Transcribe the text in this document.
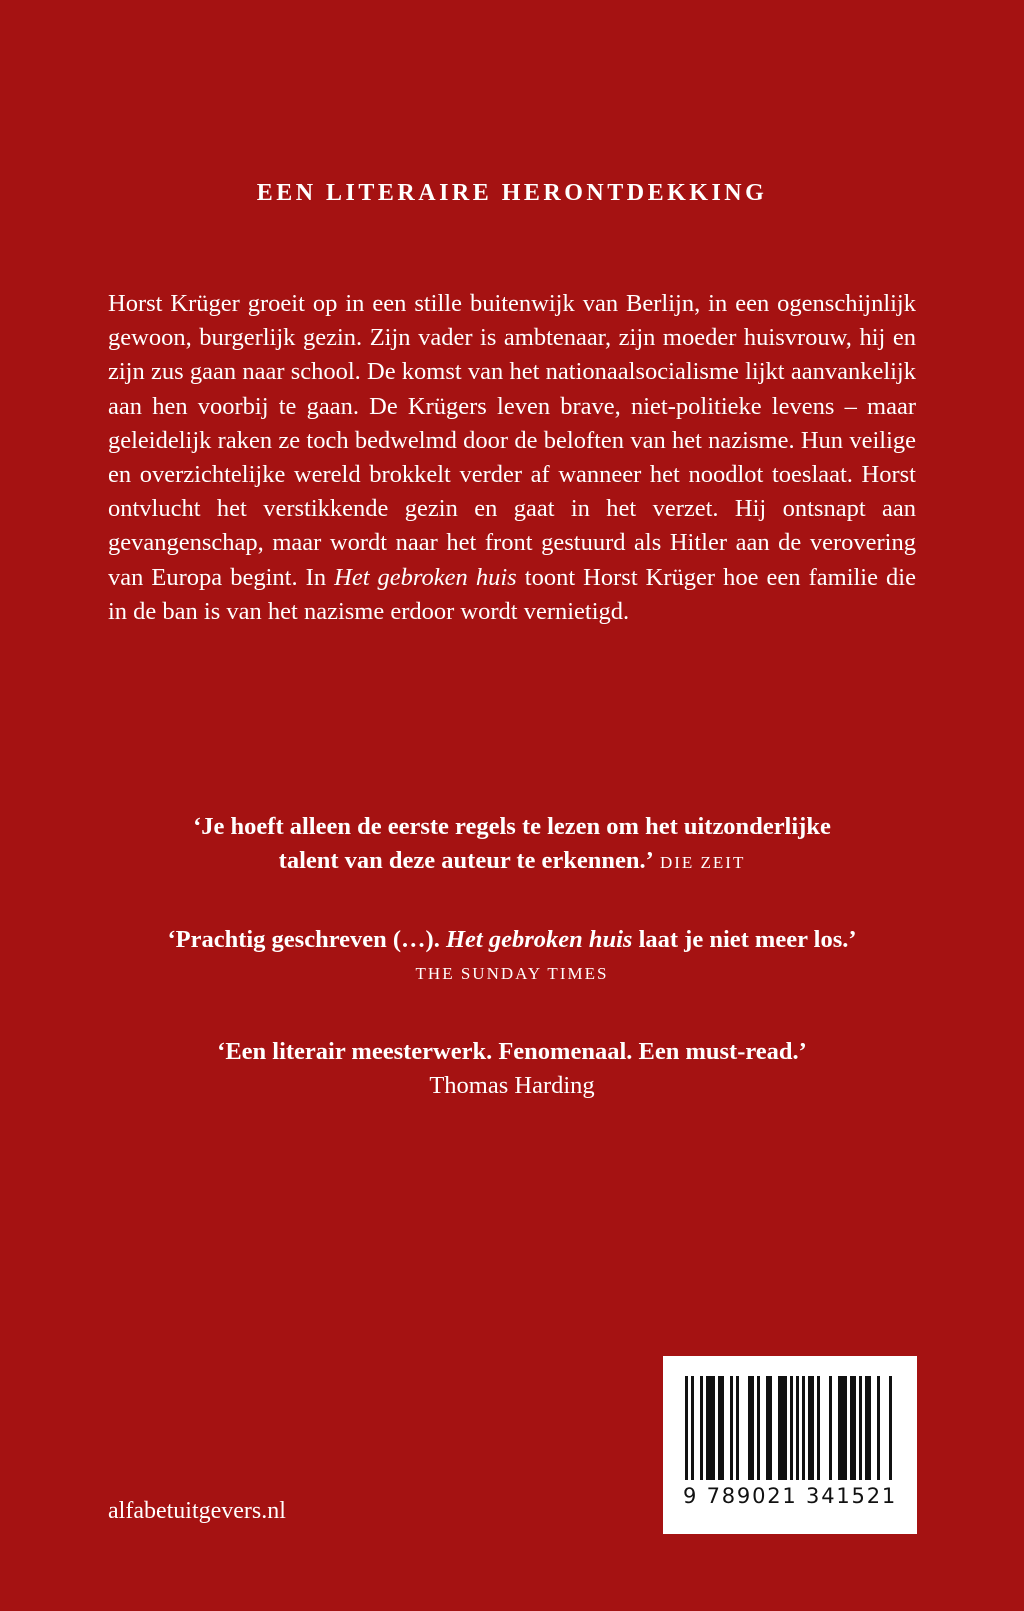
EEN LITERAIRE HERONTDEKKING

Horst Krüger groeit op in een stille buitenwijk van Berlijn, in een ogenschijnlijk gewoon, burgerlijk gezin. Zijn vader is ambtenaar, zijn moeder huisvrouw, hij en zijn zus gaan naar school. De komst van het nationaalsocialisme lijkt aanvankelijk aan hen voorbij te gaan. De Krügers leven brave, niet-politieke levens – maar geleidelijk raken ze toch bedwelmd door de beloften van het nazisme. Hun veilige en overzichtelijke wereld brokkelt verder af wanneer het noodlot toeslaat. Horst ontvlucht het verstikkende gezin en gaat in het verzet. Hij ontsnapt aan gevangenschap, maar wordt naar het front gestuurd als Hitler aan de verovering van Europa begint. In Het gebroken huis toont Horst Krüger hoe een familie die in de ban is van het nazisme erdoor wordt vernietigd.

‘Je hoeft alleen de eerste regels te lezen om het uitzonderlijke
talent van deze auteur te erkennen.’ DIE ZEIT
‘Prachtig geschreven (…). Het gebroken huis laat je niet meer los.’
THE SUNDAY TIMES
‘Een literair meesterwerk. Fenomenaal. Een must-read.’
Thomas Harding
alfabetuitgevers.nl
9 789021 341521
